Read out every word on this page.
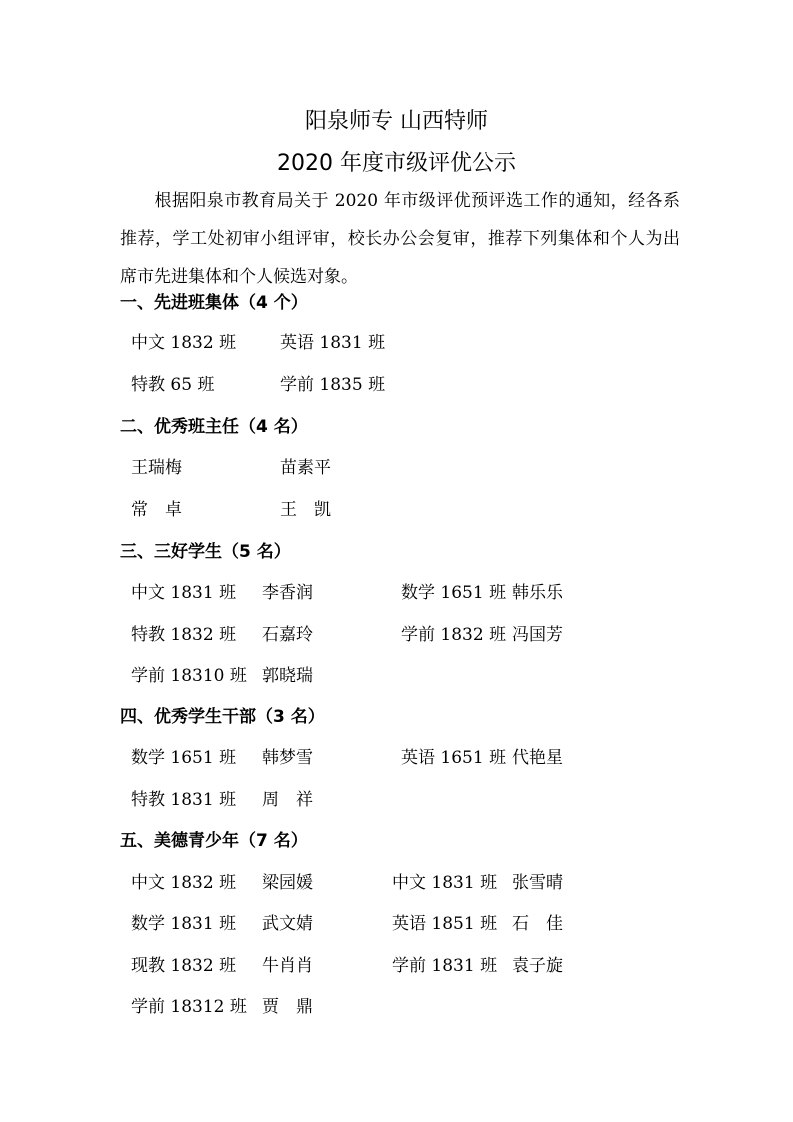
阳泉师专 山西特师
2020 年度市级评优公示
根据阳泉市教育局关于 2020 年市级评优预评选工作的通知，经各系推荐，学工处初审小组评审，校长办公会复审，推荐下列集体和个人为出席市先进集体和个人候选对象。
一、先进班集体（4 个）
中文 1832 班	英语 1831 班
特教 65 班	学前 1835 班
二、优秀班主任（4 名）
王瑞梅	苗素平
常　卓	王　凯
三、三好学生（5 名）
中文 1831 班 李香润	数学 1651 班 韩乐乐
特教 1832 班 石嘉玲	学前 1832 班 冯国芳
学前 18310 班 郭晓瑞
四、优秀学生干部（3 名）
数学 1651 班 韩梦雪	英语 1651 班 代艳星
特教 1831 班 周　祥
五、美德青少年（7 名）
中文 1832 班 梁园媛	中文 1831 班 张雪晴
数学 1831 班 武文婧	英语 1851 班 石　佳
现教 1832 班 牛肖肖	学前 1831 班 袁子旋
学前 18312 班 贾　鼎
